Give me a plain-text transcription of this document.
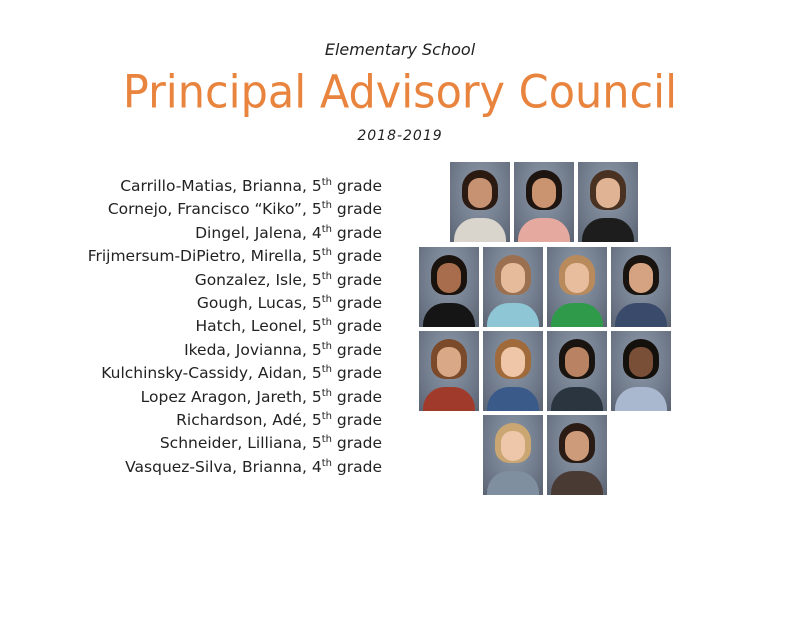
Elementary School
Principal Advisory Council
2018-2019
Carrillo-Matias, Brianna, 5th grade
Cornejo, Francisco “Kiko”, 5th grade
Dingel, Jalena, 4th grade
Frijmersum-DiPietro, Mirella, 5th grade
Gonzalez, Isle, 5th grade
Gough, Lucas, 5th grade
Hatch, Leonel, 5th grade
Ikeda, Jovianna, 5th grade
Kulchinsky-Cassidy, Aidan, 5th grade
Lopez Aragon, Jareth, 5th grade
Richardson, Adé, 5th grade
Schneider, Lilliana, 5th grade
Vasquez-Silva, Brianna, 4th grade
